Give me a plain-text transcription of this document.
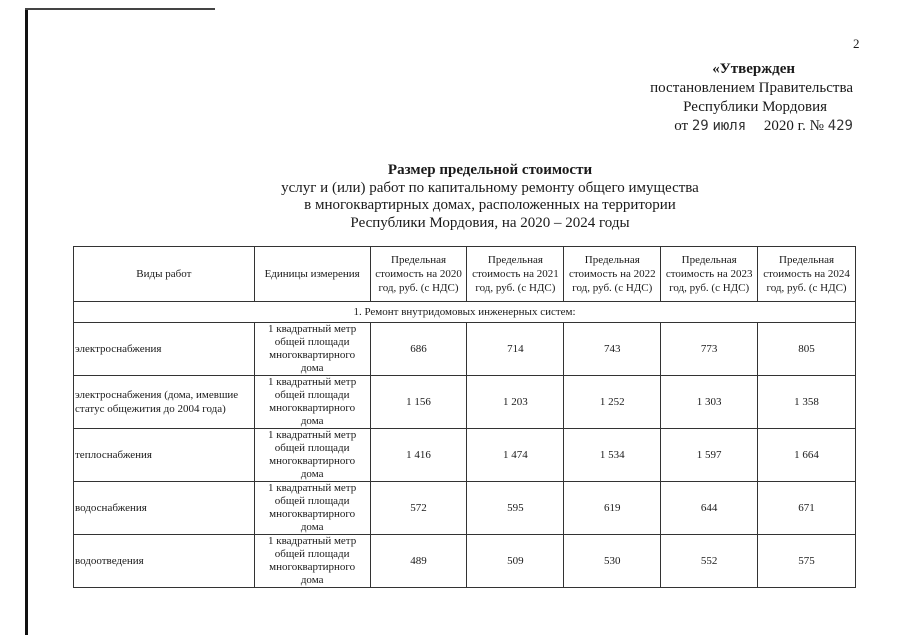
2
«Утвержден
постановлением Правительства
Республики Мордовия
от 29 июля 2020 г. № 429
Размер предельной стоимости
услуг и (или) работ по капитальному ремонту общего имущества
в многоквартирных домах, расположенных на территории
Республики Мордовия, на 2020 – 2024 годы
Виды работ	Единицы измерения	Предельная стоимость на 2020 год, руб. (с НДС)	Предельная стоимость на 2021 год, руб. (с НДС)	Предельная стоимость на 2022 год, руб. (с НДС)	Предельная стоимость на 2023 год, руб. (с НДС)	Предельная стоимость на 2024 год, руб. (с НДС)
1. Ремонт внутридомовых инженерных систем:						
электроснабжения	1 квадратный метр общей площади многоквартирного дома	686	714	743	773	805
электроснабжения (дома, имевшие статус общежития до 2004 года)	1 квадратный метр общей площади многоквартирного дома	1 156	1 203	1 252	1 303	1 358
теплоснабжения	1 квадратный метр общей площади многоквартирного дома	1 416	1 474	1 534	1 597	1 664
водоснабжения	1 квадратный метр общей площади многоквартирного дома	572	595	619	644	671
водоотведения	1 квадратный метр общей площади многоквартирного дома	489	509	530	552	575
